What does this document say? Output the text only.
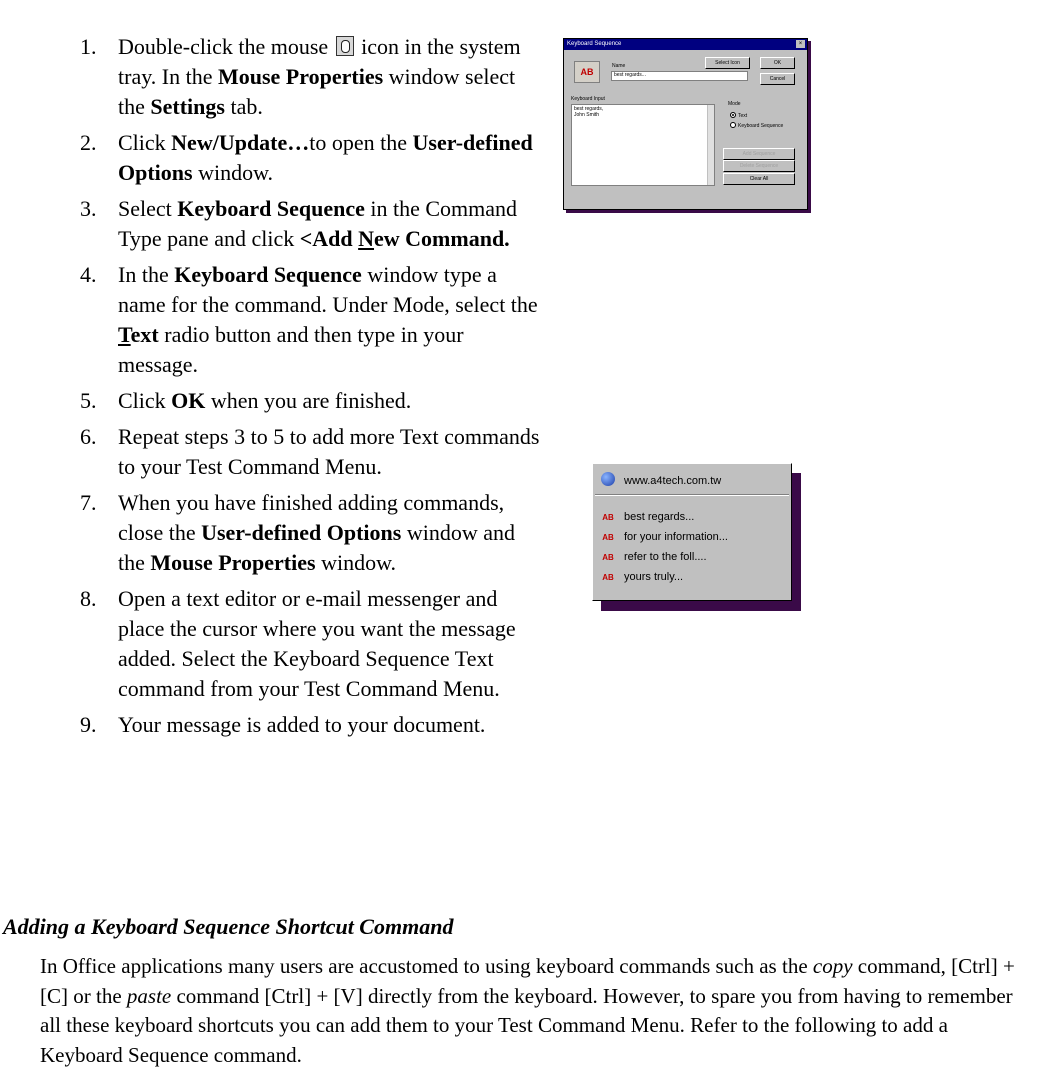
1. Double-click the mouse  icon in the system tray. In the Mouse Properties window select the Settings tab.
2. Click New/Update…to open the User-defined Options window.
3. Select Keyboard Sequence in the Command Type pane and click <Add New Command.
4. In the Keyboard Sequence window type a name for the command. Under Mode, select the Text radio button and then type in your message.
5. Click OK when you are finished.
6. Repeat steps 3 to 5 to add more Text commands to your Test Command Menu.
7. When you have finished adding commands, close the User-defined Options window and the Mouse Properties window.
8. Open a text editor or e-mail messenger and place the cursor where you want the message added. Select the Keyboard Sequence Text command from your Test Command Menu.
9. Your message is added to your document.
Keyboard Sequence	×
AB
Name
best regards...
Select Icon	OK
Cancel
Keyboard Input
best regards,
John Smith
Mode
Text
Keyboard Sequence
Add Sequence
Delete Sequence
Clear All
www.a4tech.com.tw
AB best regards...
AB for your information...
AB refer to the foll....
AB yours truly...
Adding a Keyboard Sequence Shortcut Command

In Office applications many users are accustomed to using keyboard commands such as the copy command, [Ctrl] + [C] or the paste command [Ctrl] + [V] directly from the keyboard. However, to spare you from having to remember all these keyboard shortcuts you can add them to your Test Command Menu. Refer to the following to add a Keyboard Sequence command.
